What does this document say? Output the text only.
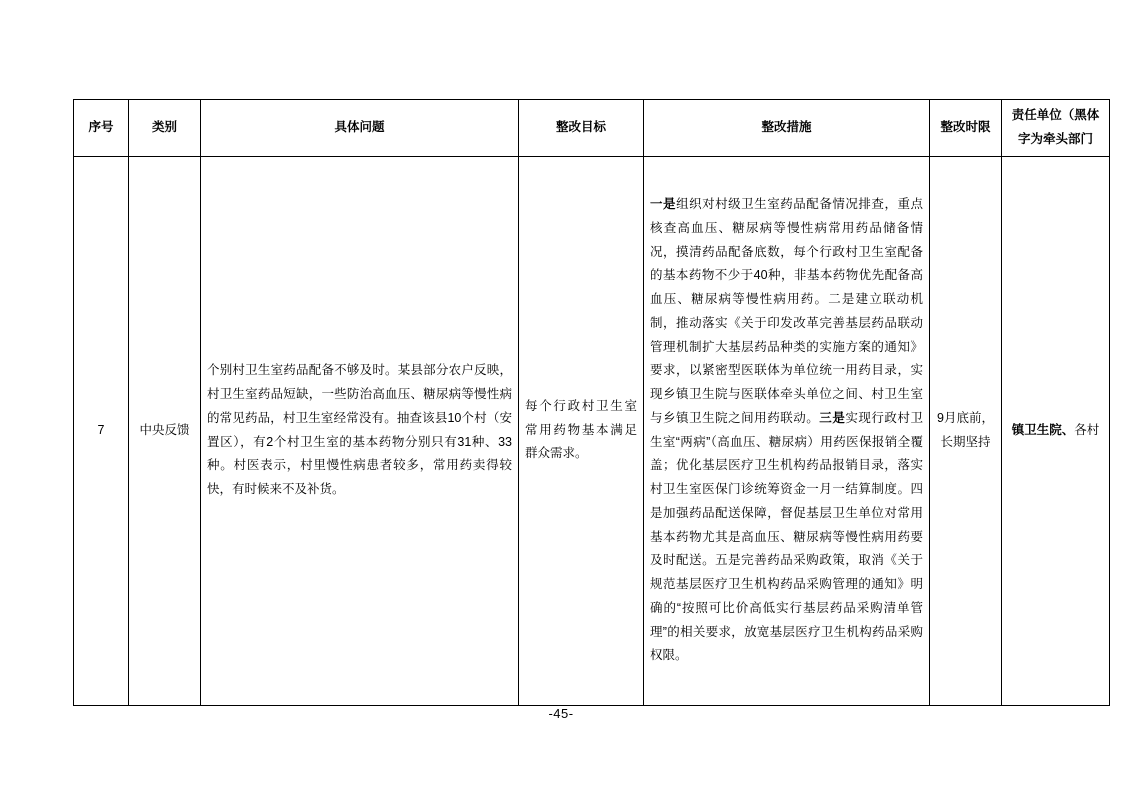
序号	类别	具体问题	整改目标	整改措施	整改时限	责任单位（黑体字为牵头部门
7	中央反馈	个别村卫生室药品配备不够及时。某县部分农户反映，村卫生室药品短缺，一些防治高血压、糖尿病等慢性病的常见药品，村卫生室经常没有。抽查该县10个村（安置区），有2个村卫生室的基本药物分别只有31种、33种。村医表示，村里慢性病患者较多，常用药卖得较快，有时候来不及补货。	每个行政村卫生室常用药物基本满足群众需求。	一是组织对村级卫生室药品配备情况排查，重点核查高血压、糖尿病等慢性病常用药品储备情况，摸清药品配备底数，每个行政村卫生室配备的基本药物不少于40种，非基本药物优先配备高血压、糖尿病等慢性病用药。二是建立联动机制，推动落实《关于印发改革完善基层药品联动管理机制扩大基层药品种类的实施方案的通知》要求，以紧密型医联体为单位统一用药目录，实现乡镇卫生院与医联体牵头单位之间、村卫生室与乡镇卫生院之间用药联动。三是实现行政村卫生室“两病”（高血压、糖尿病）用药医保报销全覆盖；优化基层医疗卫生机构药品报销目录，落实村卫生室医保门诊统筹资金一月一结算制度。四是加强药品配送保障，督促基层卫生单位对常用基本药物尤其是高血压、糖尿病等慢性病用药要及时配送。五是完善药品采购政策，取消《关于规范基层医疗卫生机构药品采购管理的通知》明确的“按照可比价高低实行基层药品采购清单管理”的相关要求，放宽基层医疗卫生机构药品采购权限。	9月底前，长期坚持	镇卫生院、各村
-45-
